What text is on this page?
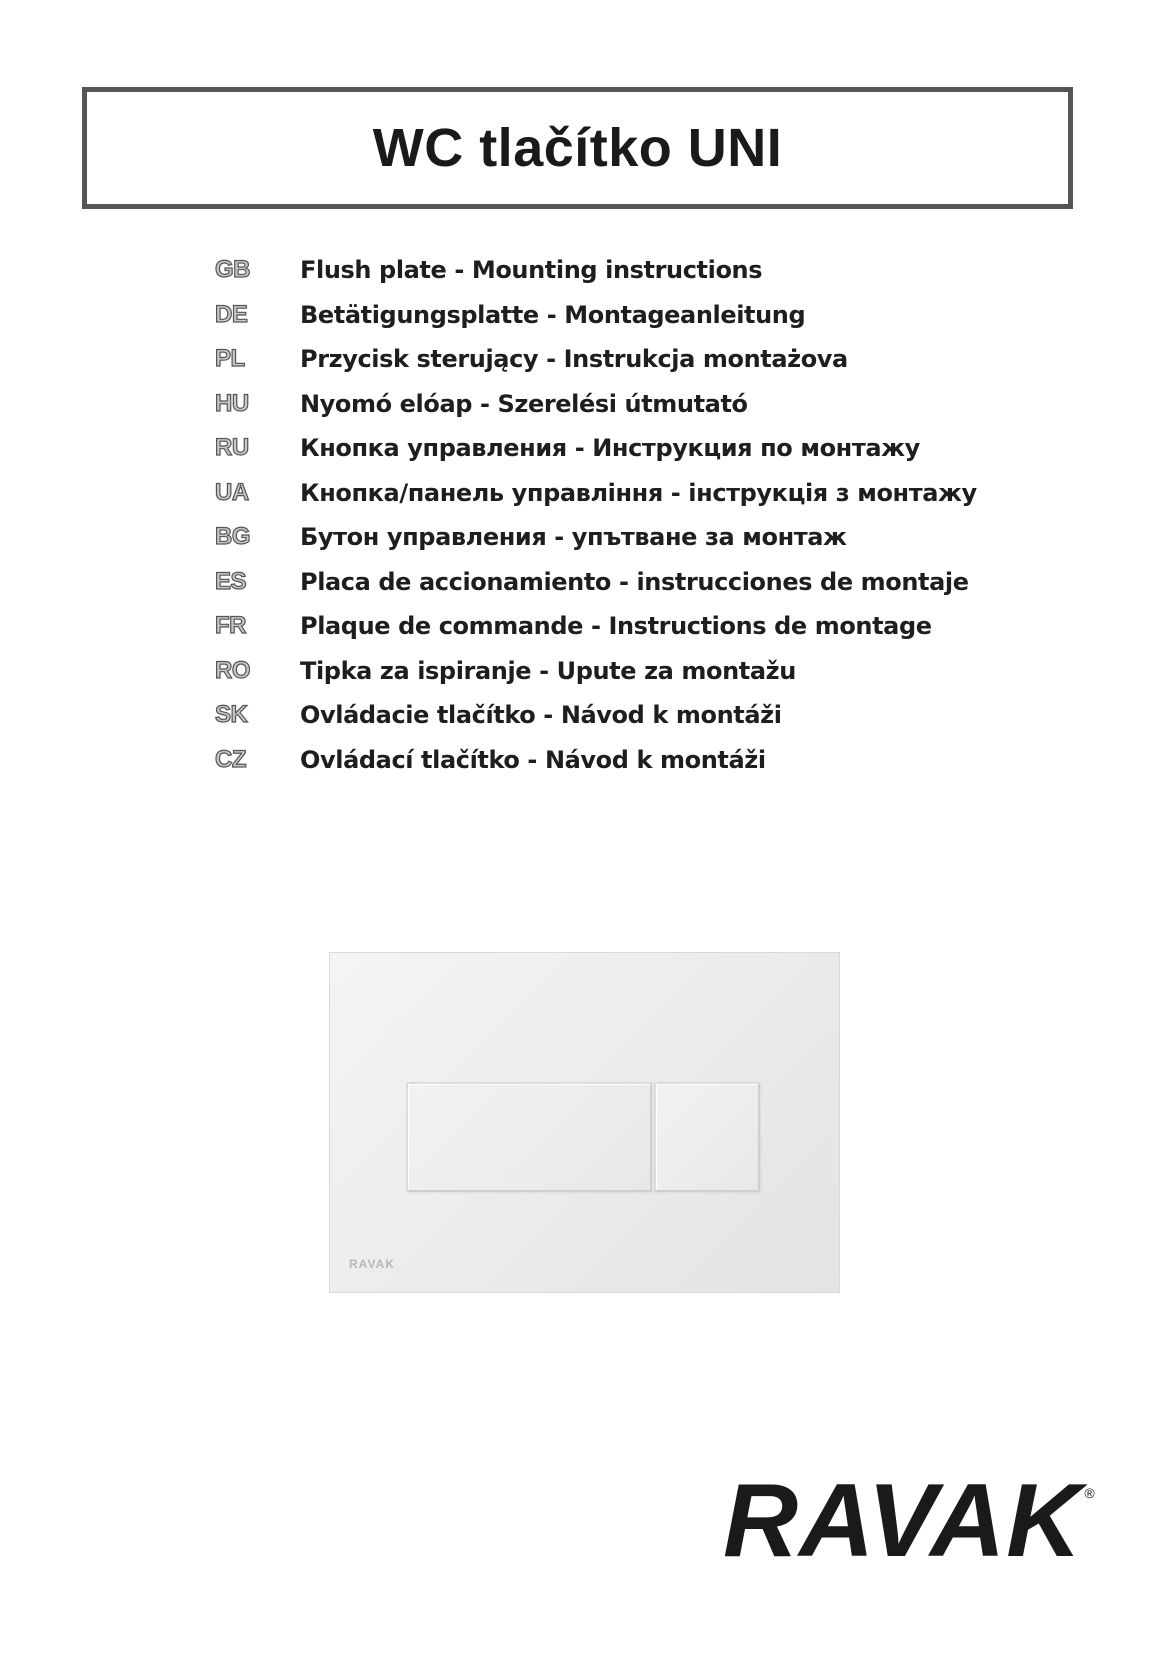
WC tlačítko UNI
GB	Flush plate - Mounting instructions
DE	Betätigungsplatte - Montageanleitung
PL	Przycisk sterujący - Instrukcja montażova
HU	Nyomó elóap - Szerelési útmutató
RU	Кнопка управления - Инструкция по монтажу
UA	Кнопка/панель управління - інструкція з монтажу
BG	Бутон управления - упътване за монтаж
ES	Placa de accionamiento - instrucciones de montaje
FR	Plaque de commande - Instructions de montage
RO	Tipka za ispiranje - Upute za montažu
SK	Ovládacie tlačítko - Návod k montáži
CZ	Ovládací tlačítko - Návod k montáži
RAVAK
RAVAK ®
